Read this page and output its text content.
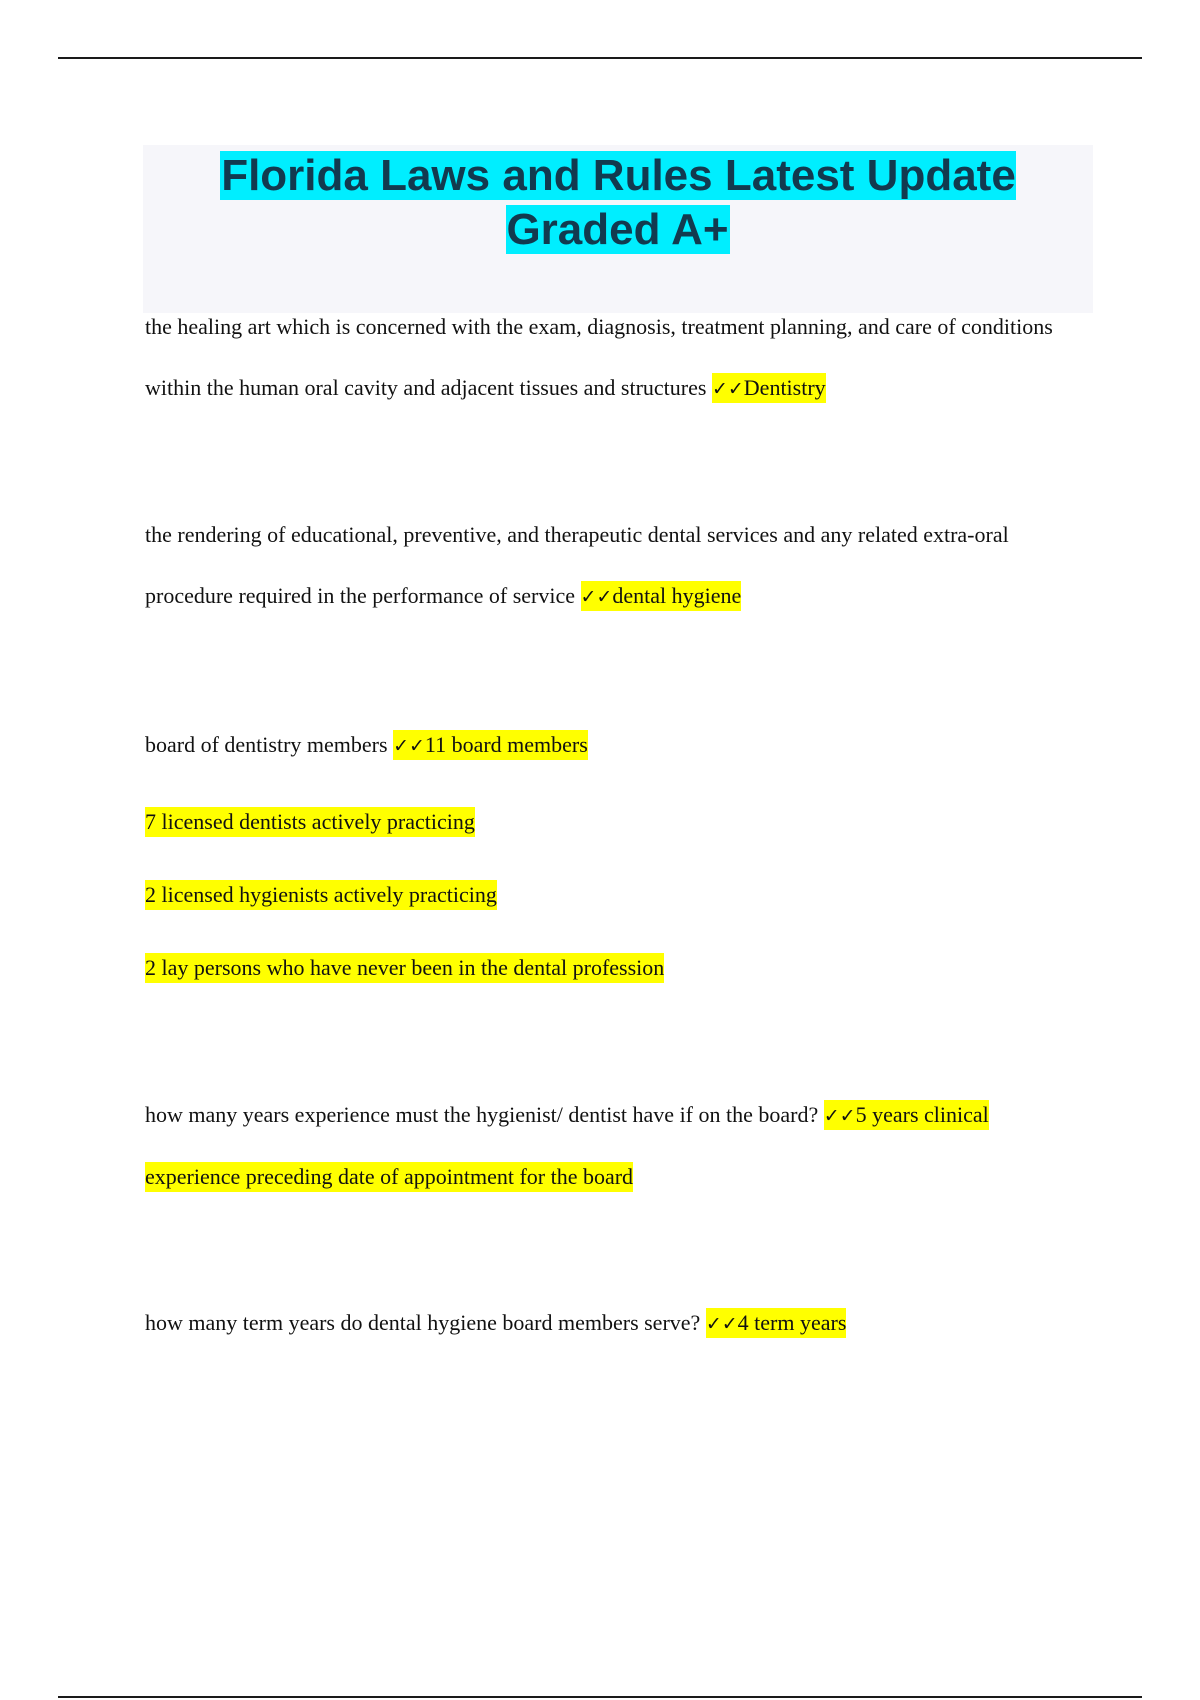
Florida Laws and Rules Latest Update Graded A+

the healing art which is concerned with the exam, diagnosis, treatment planning, and care of conditions within the human oral cavity and adjacent tissues and structures ✓✓Dentistry

the rendering of educational, preventive, and therapeutic dental services and any related extra-oral procedure required in the performance of service ✓✓dental hygiene

board of dentistry members ✓✓11 board members

7 licensed dentists actively practicing

2 licensed hygienists actively practicing

2 lay persons who have never been in the dental profession

how many years experience must the hygienist/ dentist have if on the board? ✓✓5 years clinical experience preceding date of appointment for the board

how many term years do dental hygiene board members serve? ✓✓4 term years
